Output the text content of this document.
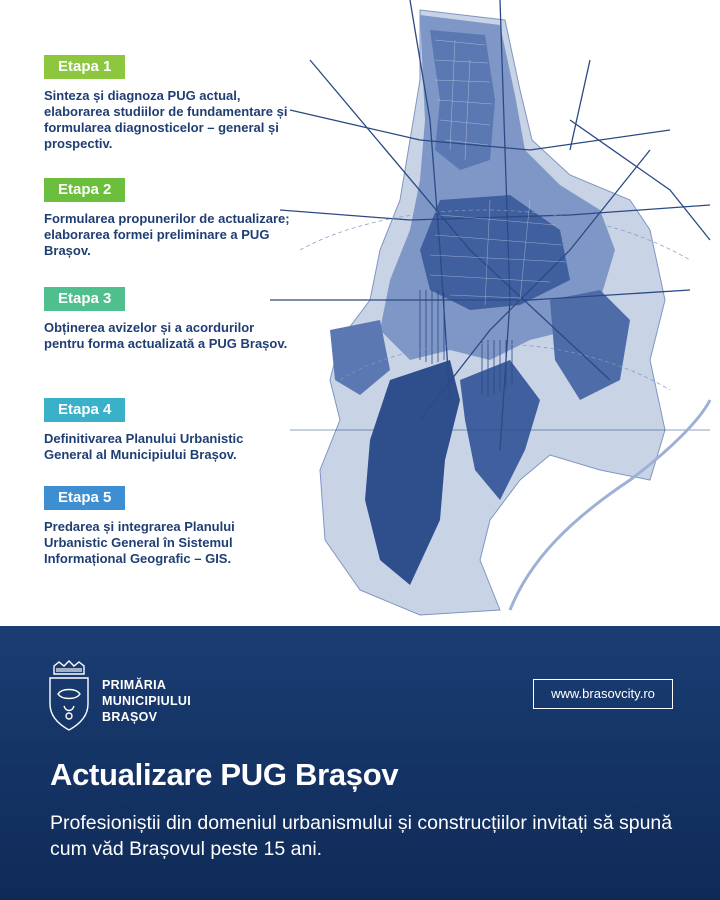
Etapa 1
Sinteza și diagnoza PUG actual, elaborarea studiilor de fundamentare și formularea diagnosticelor – general și prospectiv.
Etapa 2
Formularea propunerilor de actualizare; elaborarea formei preliminare a PUG Brașov.
Etapa 3
Obținerea avizelor și a acordurilor pentru forma actualizată a PUG Brașov.
Etapa 4
Definitivarea Planului Urbanistic General al Municipiului Brașov.
Etapa 5
Predarea și integrarea Planului Urbanistic General în Sistemul Informațional Geografic – GIS.
PRIMĂRIA
MUNICIPIULUI
BRAȘOV
www.brasovcity.ro
Actualizare PUG Brașov
Profesioniștii din domeniul urbanismului și construcțiilor invitați să spună cum văd Brașovul peste 15 ani.
